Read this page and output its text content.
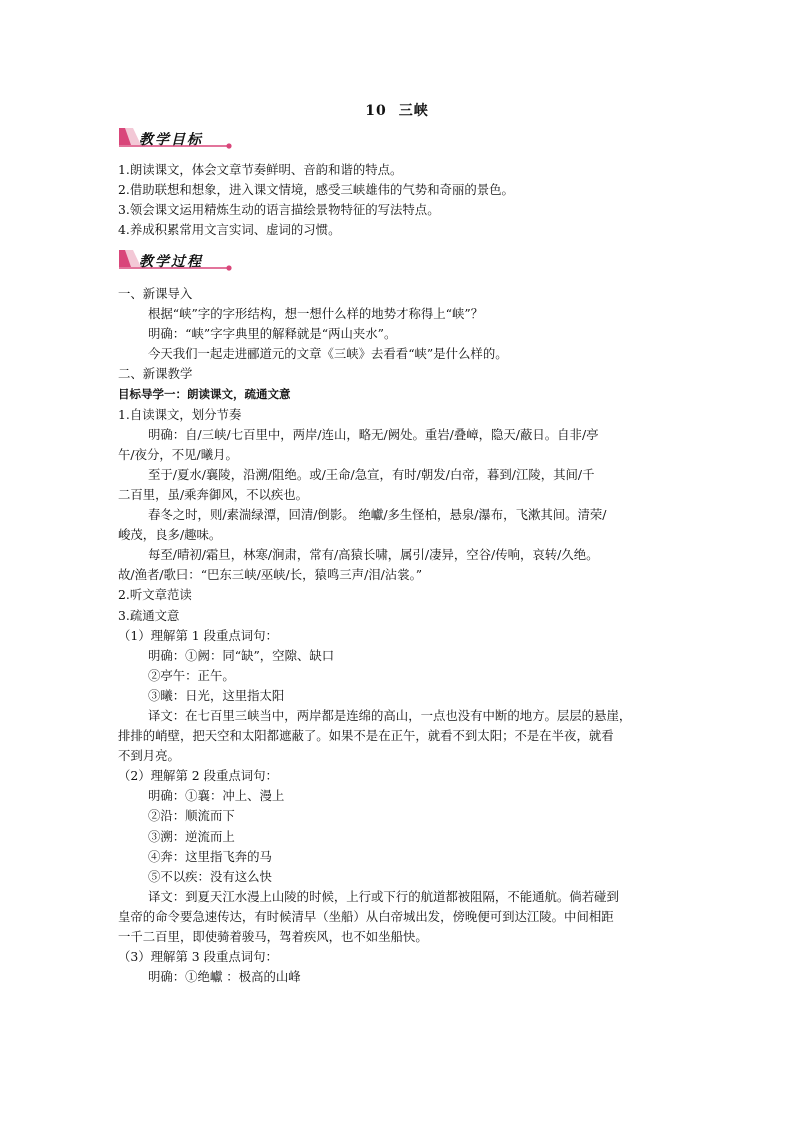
10 三峡
教学目标
教学过程
1.朗读课文，体会文章节奏鲜明、音韵和谐的特点。
2.借助联想和想象，进入课文情境，感受三峡雄伟的气势和奇丽的景色。
3.领会课文运用精炼生动的语言描绘景物特征的写法特点。
4.养成积累常用文言实词、虚词的习惯。
一、新课导入
根据“峡”字的字形结构，想一想什么样的地势才称得上“峡”？
明确：“峡”字字典里的解释就是“两山夹水”。
今天我们一起走进郦道元的文章《三峡》去看看“峡”是什么样的。
二、新课教学
目标导学一：朗读课文，疏通文意
1.自读课文，划分节奏
明确：自/三峡/七百里中，两岸/连山，略无/阙处。重岩/叠嶂，隐天/蔽日。自非/亭
午/夜分，不见/曦月。
至于/夏水/襄陵，沿溯/阻绝。或/王命/急宣，有时/朝发/白帝，暮到/江陵，其间/千
二百里，虽/乘奔御风，不以疾也。
春冬之时，则/素湍绿潭，回清/倒影。 绝巘/多生怪柏，悬泉/瀑布，飞漱其间。清荣/
峻茂，良多/趣味。
每至/晴初/霜旦，林寒/涧肃，常有/高猿长啸，属引/凄异，空谷/传响，哀转/久绝。
故/渔者/歌曰：“巴东三峡/巫峡/长，猿鸣三声/泪/沾裳。”
2.听文章范读
3.疏通文意
（1）理解第 1 段重点词句：
明确：①阙：同“缺”，空隙、缺口
②亭午：正午。
③曦：日光，这里指太阳
译文：在七百里三峡当中，两岸都是连绵的高山，一点也没有中断的地方。层层的悬崖，
排排的峭壁，把天空和太阳都遮蔽了。如果不是在正午，就看不到太阳；不是在半夜，就看
不到月亮。
（2）理解第 2 段重点词句：
明确：①襄：冲上、漫上
②沿：顺流而下
③溯：逆流而上
④奔：这里指飞奔的马
⑤不以疾：没有这么快
译文：到夏天江水漫上山陵的时候，上行或下行的航道都被阻隔，不能通航。倘若碰到
皇帝的命令要急速传达，有时候清早（坐船）从白帝城出发，傍晚便可到达江陵。中间相距
一千二百里，即使骑着骏马，驾着疾风，也不如坐船快。
（3）理解第 3 段重点词句：
明确：①绝巘 ：极高的山峰
